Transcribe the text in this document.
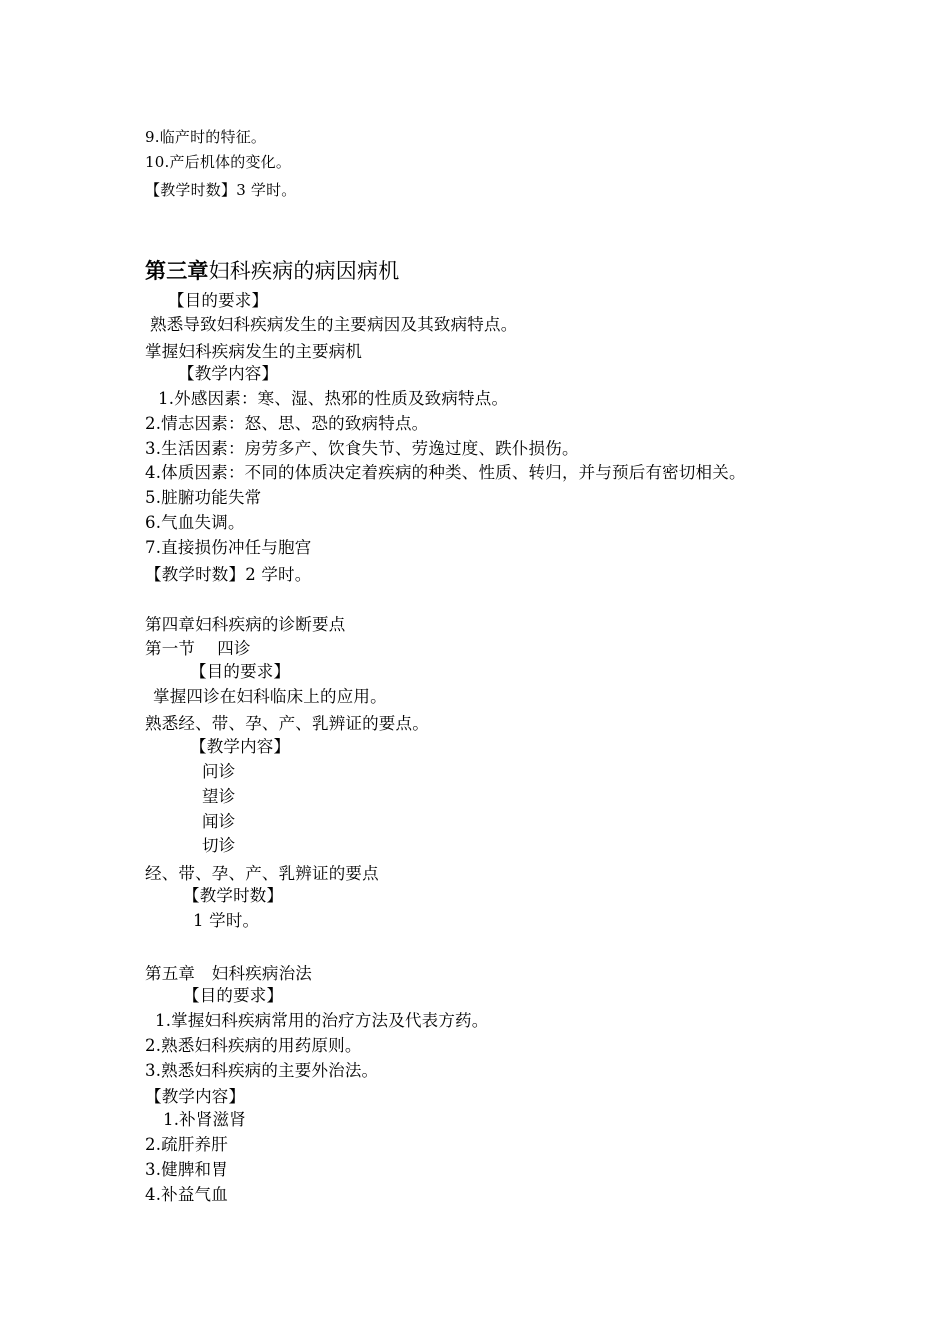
9.临产时的特征。
10.产后机体的变化。
【教学时数】3 学时。
第三章妇科疾病的病因病机
【目的要求】
熟悉导致妇科疾病发生的主要病因及其致病特点。
掌握妇科疾病发生的主要病机
【教学内容】
1.外感因素：寒、湿、热邪的性质及致病特点。
2.情志因素：怒、思、恐的致病特点。
3.生活因素：房劳多产、饮食失节、劳逸过度、跌仆损伤。
4.体质因素：不同的体质决定着疾病的种类、性质、转归，并与预后有密切相关。
5.脏腑功能失常
6.气血失调。
7.直接损伤冲任与胞宫
【教学时数】2 学时。
第四章妇科疾病的诊断要点
第一节　 四诊
【目的要求】
掌握四诊在妇科临床上的应用。
熟悉经、带、孕、产、乳辨证的要点。
【教学内容】
问诊
望诊
闻诊
切诊
经、带、孕、产、乳辨证的要点
【教学时数】
1 学时。
第五章　妇科疾病治法
【目的要求】
1.掌握妇科疾病常用的治疗方法及代表方药。
2.熟悉妇科疾病的用药原则。
3.熟悉妇科疾病的主要外治法。
【教学内容】
1.补肾滋肾
2.疏肝养肝
3.健脾和胃
4.补益气血
